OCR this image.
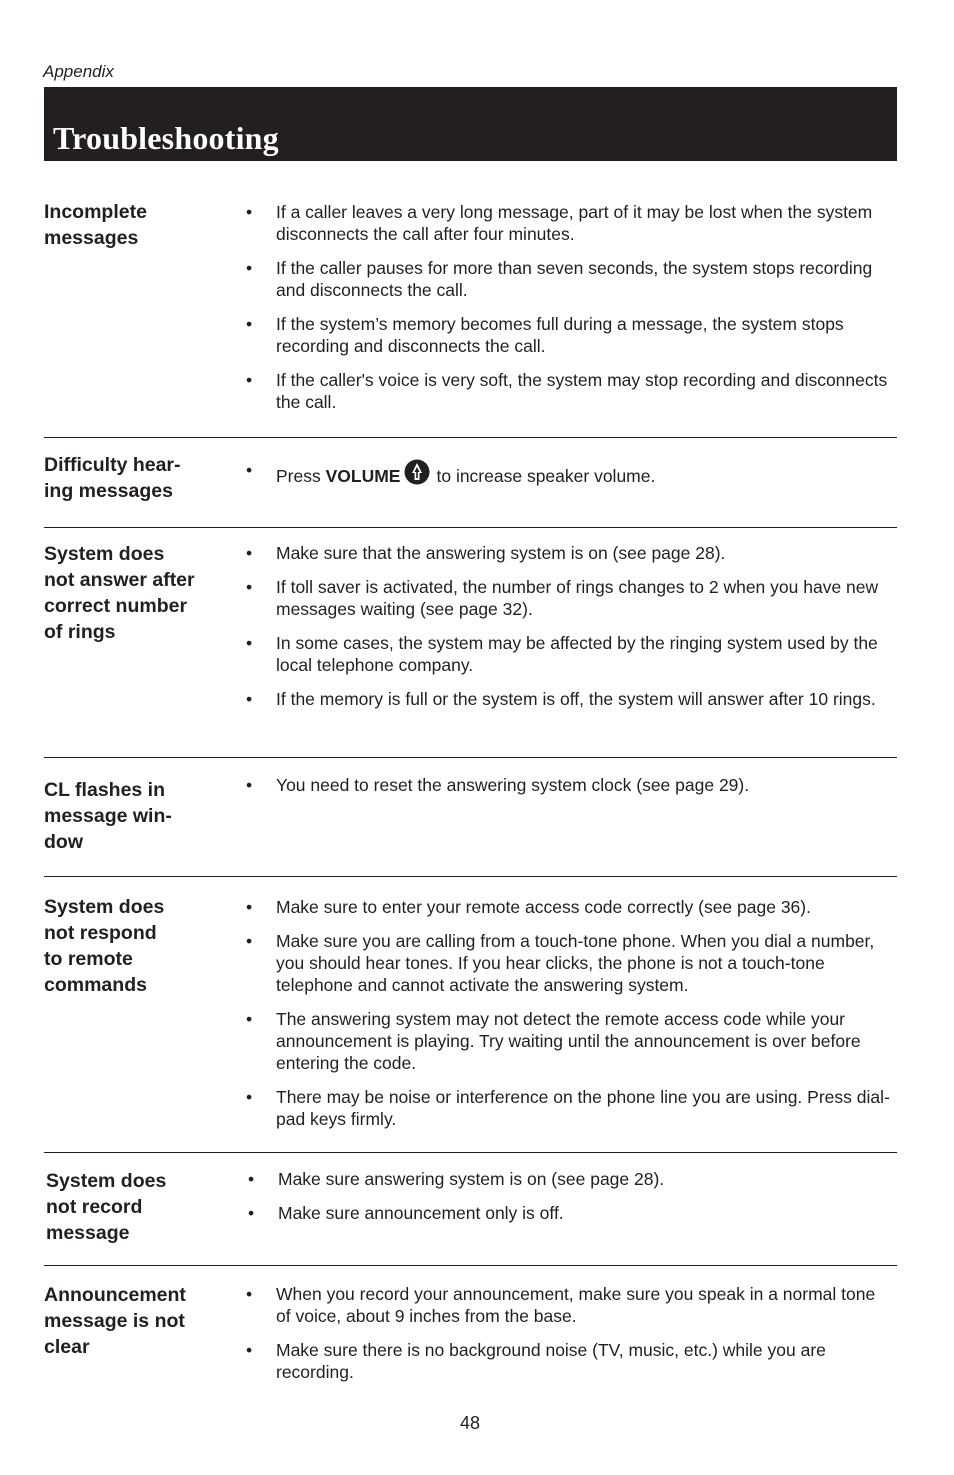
Appendix
Troubleshooting
Incomplete
messages
• If a caller leaves a very long message, part of it may be lost when the system disconnects the call after four minutes.
• If the caller pauses for more than seven seconds, the system stops recording and disconnects the call.
• If the system’s memory becomes full during a message, the system stops recording and disconnects the call.
• If the caller's voice is very soft, the system may stop recording and disconnects the call.
Difficulty hear-
ing messages
• Press VOLUME to increase speaker volume.
System does
not answer after
correct number
of rings
• Make sure that the answering system is on (see page 28).
• If toll saver is activated, the number of rings changes to 2 when you have new messages waiting (see page 32).
• In some cases, the system may be affected by the ringing system used by the local telephone company.
• If the memory is full or the system is off, the system will answer after 10 rings.
CL flashes in
message win-
dow
• You need to reset the answering system clock (see page 29).
System does
not respond
to remote
commands
• Make sure to enter your remote access code correctly (see page 36).
• Make sure you are calling from a touch-tone phone. When you dial a number, you should hear tones. If you hear clicks, the phone is not a touch-tone telephone and cannot activate the answering system.
• The answering system may not detect the remote access code while your announcement is playing. Try waiting until the announcement is over before entering the code.
• There may be noise or interference on the phone line you are using. Press dial-pad keys firmly.
System does
not record
message
• Make sure answering system is on (see page 28).
• Make sure announcement only is off.
Announcement
message is not
clear
• When you record your announcement, make sure you speak in a normal tone of voice, about 9 inches from the base.
• Make sure there is no background noise (TV, music, etc.) while you are recording.
48
